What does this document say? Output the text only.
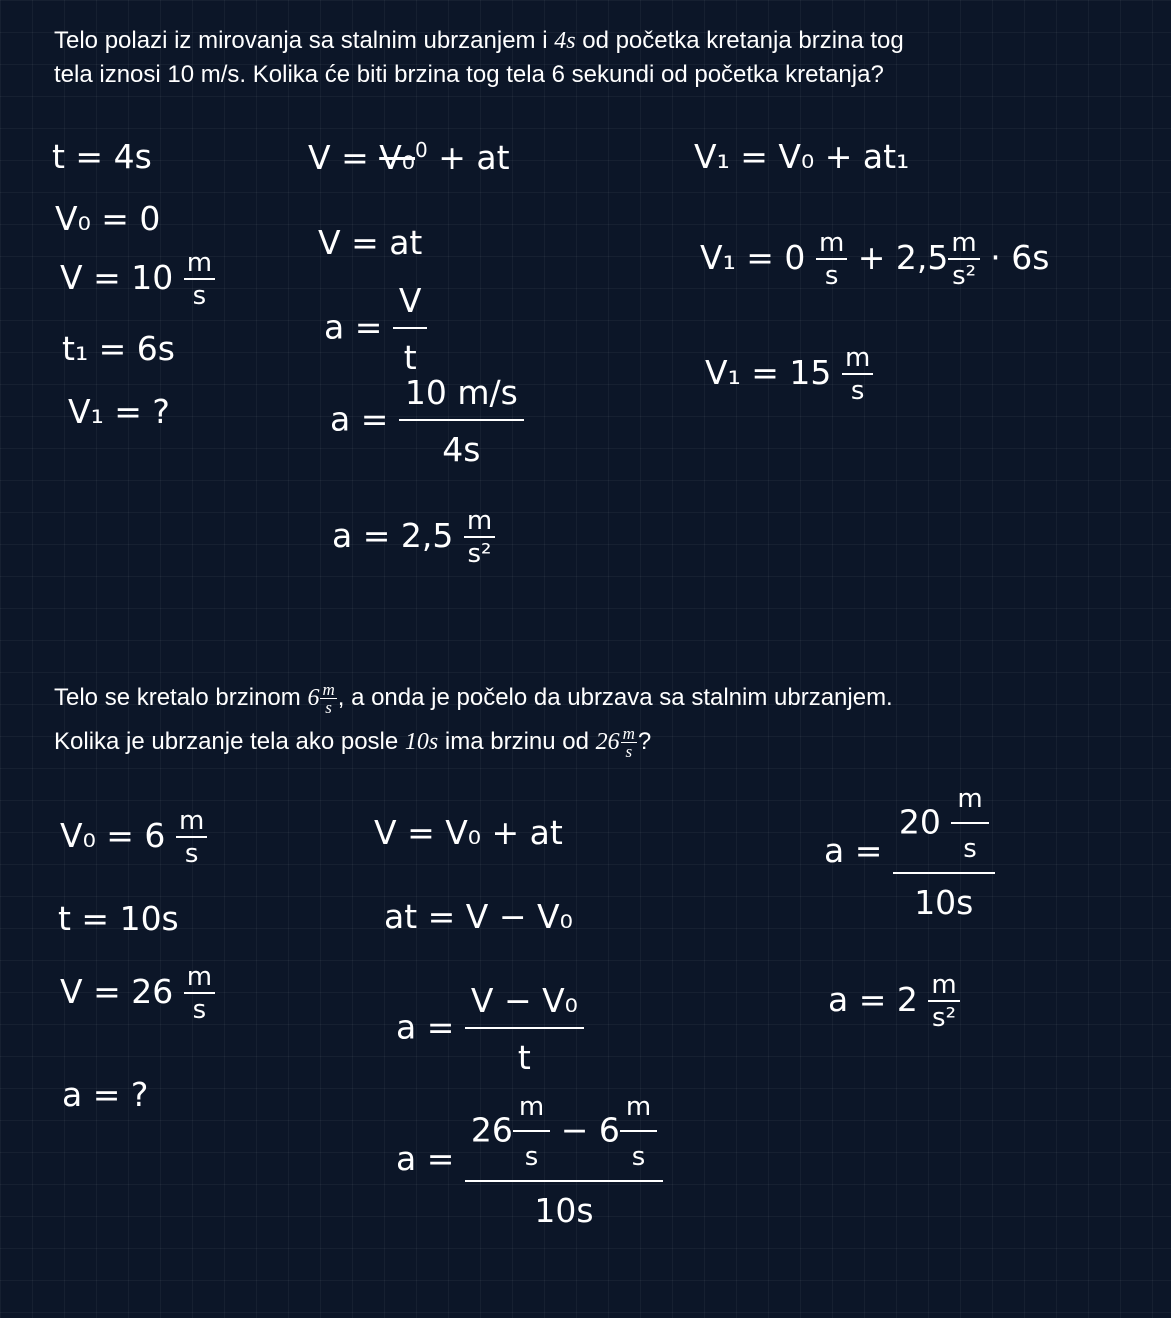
Telo polazi iz mirovanja sa stalnim ubrzanjem i 4s od početka kretanja brzina tog

tela iznosi 10 m/s. Kolika će biti brzina tog tela 6 sekundi od početka kretanja?

t = 4s
V₀ = 0
$V = 10 \frac{m}{s}$
t₁ = 6s
V₁ = ?
V = V₀$^0$ + at
V = at
$a = \frac{V}{t}$
$a = \frac{10 m/s}{4s}$
$a = 2,5 \frac{m}{\text{s²}}$
V₁ = V₀ + at₁
$V_1 = 0 \frac{m}{s} + 2,5 \frac{m}{\text{s²}} \cdot 6s$
$V_1 = 15 \frac{m}{s}$

Telo se kretalo brzinom $6 \frac{m}{s}$ , a onda je počelo da ubrzava sa stalnim ubrzanjem.

Kolika je ubrzanje tela ako posle 10s ima brzinu od $26 \frac{m}{s}$ ?

$V_0 = 6 \frac{m}{s}$
t = 10s
$V = 26 \frac{m}{s}$
a = ?
V = V₀ + at
at = V − V₀
$a = \frac{\text{V − V₀}}{t}$
$a = \frac{26 \frac{m}{s} - 6 \frac{m}{s}}{10s}$
$a = \frac{20 \frac{m}{s}}{10s}$
$a = 2 \frac{m}{\text{s²}}$
